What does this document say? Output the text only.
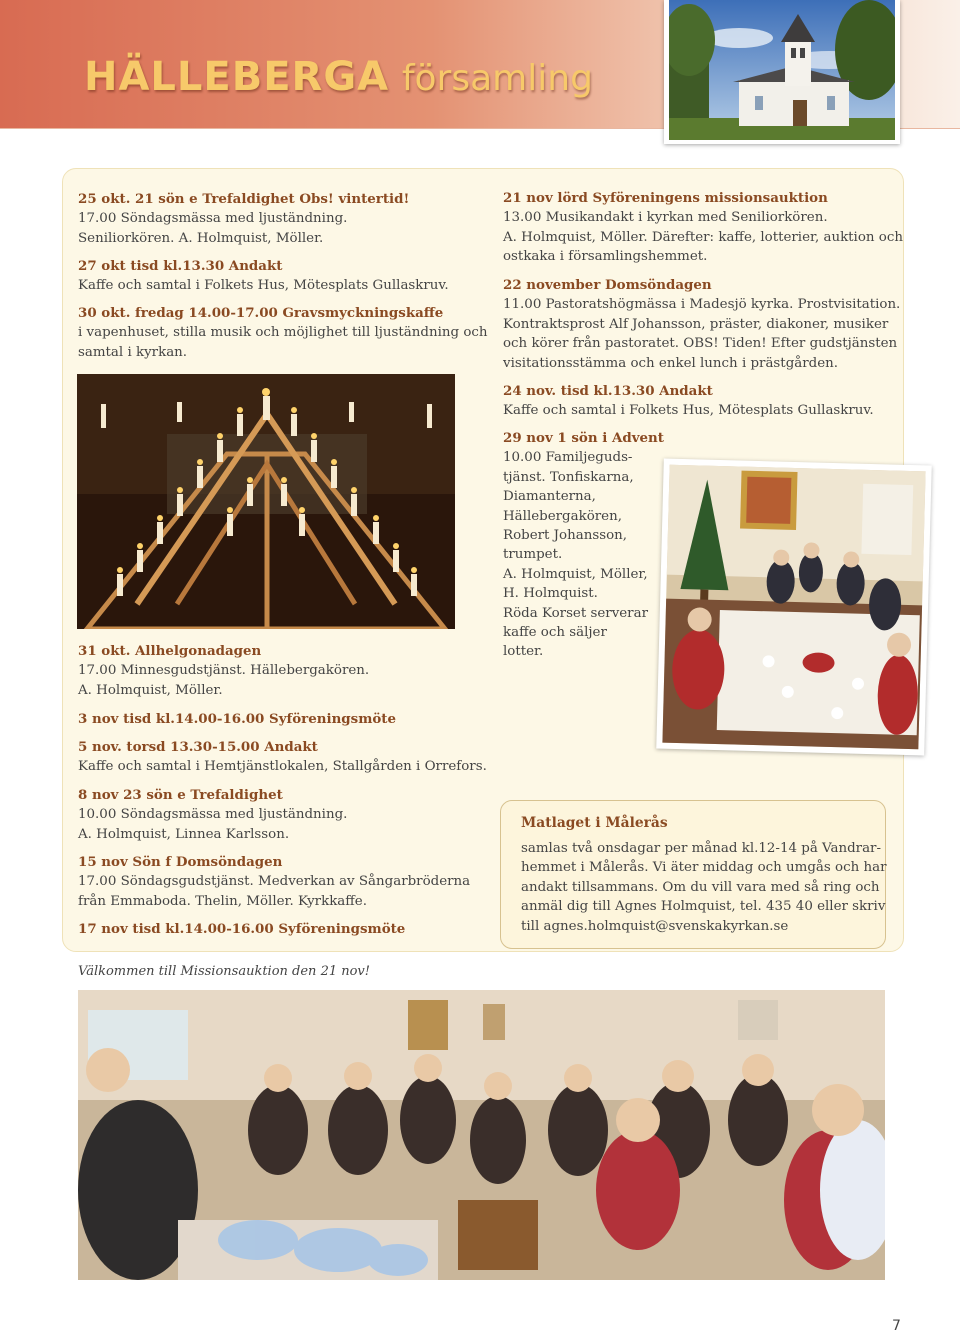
HÄLLEBERGA församling
25 okt. 21 sön e Trefaldighet Obs! vintertid!
17.00 Söndagsmässa med ljuständning.
Seniliorkören. A. Holmquist, Möller.
27 okt tisd kl.13.30 Andakt
Kaffe och samtal i Folkets Hus, Mötesplats Gullaskruv.
30 okt. fredag 14.00-17.00 Gravsmyckningskaffe
i vapenhuset, stilla musik och möjlighet till ljuständning och
samtal i kyrkan.
31 okt. Allhelgonadagen
17.00 Minnesgudstjänst. Hällebergakören.
A. Holmquist, Möller.
3 nov tisd kl.14.00-16.00 Syföreningsmöte
5 nov. torsd 13.30-15.00 Andakt
Kaffe och samtal i Hemtjänstlokalen, Stallgården i Orrefors.
8 nov 23 sön e Trefaldighet
10.00 Söndagsmässa med ljuständning.
A. Holmquist, Linnea Karlsson.
15 nov Sön f Domsöndagen
17.00 Söndagsgudstjänst. Medverkan av Sångarbröderna
från Emmaboda. Thelin, Möller. Kyrkkaffe.
17 nov tisd kl.14.00-16.00 Syföreningsmöte
21 nov lörd Syföreningens missionsauktion
13.00 Musikandakt i kyrkan med Seniliorkören.
A. Holmquist, Möller. Därefter: kaffe, lotterier, auktion och
ostkaka i församlingshemmet.
22 november Domsöndagen
11.00 Pastoratshögmässa i Madesjö kyrka. Prostvisitation.
Kontraktsprost Alf Johansson, präster, diakoner, musiker
och körer från pastoratet. OBS! Tiden! Efter gudstjänsten
visitationsstämma och enkel lunch i prästgården.
24 nov. tisd kl.13.30 Andakt
Kaffe och samtal i Folkets Hus, Mötesplats Gullaskruv.
29 nov 1 sön i Advent
10.00 Familjeguds-
tjänst. Tonfiskarna,
Diamanterna,
Hällebergakören,
Robert Johansson,
trumpet.
A. Holmquist, Möller,
H. Holmquist.
Röda Korset serverar
kaffe och säljer
lotter.
Matlaget i Målerås
samlas två onsdagar per månad kl.12-14 på Vandrar-
hemmet i Målerås. Vi äter middag och umgås och har
andakt tillsammans. Om du vill vara med så ring och
anmäl dig till Agnes Holmquist, tel. 435 40 eller skriv
till agnes.holmquist@svenskakyrkan.se
Välkommen till Missionsauktion den 21 nov!
7
